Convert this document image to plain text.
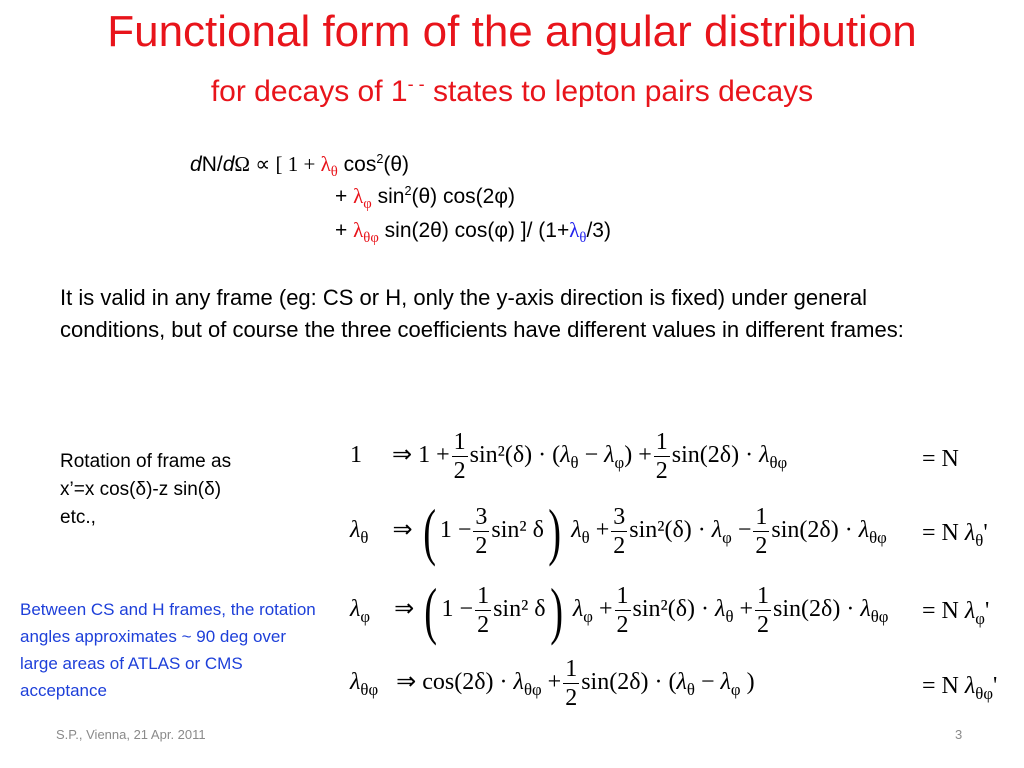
Functional form of the angular distribution
for decays of 1- - states to lepton pairs decays
dN/dΩ ∝ [ $1 + \lambda_\theta$ $\cos^2(\theta)$
+ $\lambda_\varphi$ $\sin^2(\theta)$ cos(2φ)
+ $\lambda_{\theta\varphi}$ sin(2θ) cos(φ) ]/ $(1+\lambda_\theta/3)$
It is valid in any frame (eg: CS or H, only the y-axis direction is fixed) under general conditions, but of course the three coefficients have different values in different frames:
Rotation of frame as
x’=x cos(δ)-z sin(δ)
etc.,
Between CS and H frames, the rotation angles approximates ~ 90 deg over large areas of ATLAS or CMS acceptance
1 ⇒ $1 + \frac{1}{2} \sin^2(\delta) \cdot (\lambda_\theta - \lambda_\varphi) + \frac{1}{2} \sin(2\delta) \cdot \lambda_{\theta\varphi}$	= N
$\lambda_\theta$ ⇒ ( $1 - \frac{3}{2} \sin^2$ δ) $\lambda_\theta + \frac{3}{2} \sin^2(\delta) \cdot \lambda_\varphi - \frac{1}{2} \sin(2\delta) \cdot \lambda_{\theta\varphi} = N$ $\lambda_\theta'$
$\lambda_\varphi$ ⇒ ( $1 - \frac{1}{2} \sin^2$ δ) $\lambda_\varphi + \frac{1}{2} \sin^2(\delta) \cdot \lambda_\theta + \frac{1}{2} \sin(2\delta) \cdot \lambda_{\theta\varphi} = N$ $\lambda_\varphi'$
$\lambda_{\theta\varphi}$ ⇒ $\cos(2\delta) \cdot \lambda_{\theta\varphi} + \frac{1}{2} \sin(2\delta) \cdot (\lambda_\theta - \lambda_\varphi$ )	= N $\lambda_{\theta\varphi}'$
S.P., Vienna, 21 Apr. 2011	3
